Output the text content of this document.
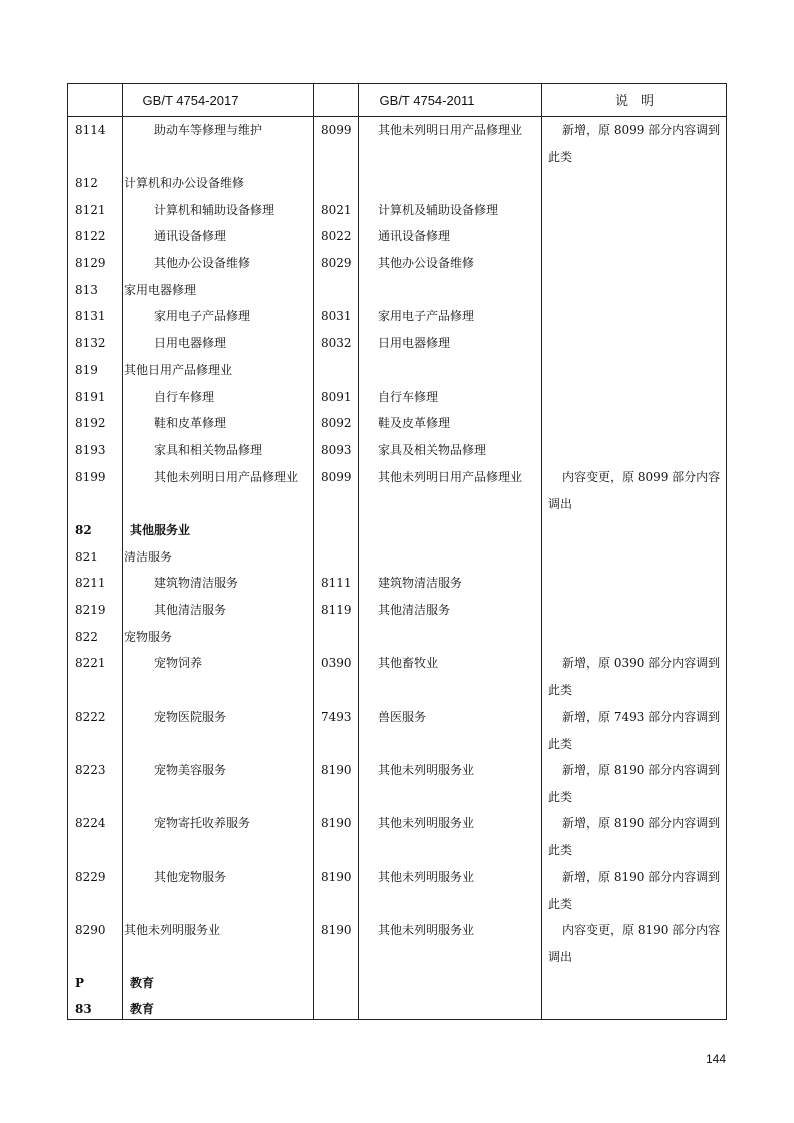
GB/T 4754-2017	GB/T 4754-2011	说　明
8114	助动车等修理与维护	8099 其他未列明日用产品修理业	新增，原 8099 部分内容调到此类
812 计算机和办公设备维修
8121	计算机和辅助设备修理	8021 计算机及辅助设备修理
8122	通讯设备修理	8022 通讯设备修理
8129	其他办公设备维修	8029 其他办公设备维修
813 家用电器修理
8131	家用电子产品修理	8031 家用电子产品修理
8132	日用电器修理	8032 日用电器修理
819 其他日用产品修理业
8191	自行车修理	8091 自行车修理
8192	鞋和皮革修理	8092 鞋及皮革修理
8193	家具和相关物品修理	8093 家具及相关物品修理
8199	其他未列明日用产品修理业 8099 其他未列明日用产品修理业	内容变更，原 8099 部分内容调出
82	其他服务业
821 清洁服务
8211	建筑物清洁服务	8111 建筑物清洁服务
8219	其他清洁服务	8119 其他清洁服务
822 宠物服务
8221	宠物饲养	0390 其他畜牧业	新增，原 0390 部分内容调到此类
8222	宠物医院服务	7493 兽医服务	新增，原 7493 部分内容调到此类
8223	宠物美容服务	8190 其他未列明服务业	新增，原 8190 部分内容调到此类
8224	宠物寄托收养服务	8190 其他未列明服务业	新增，原 8190 部分内容调到此类
8229	其他宠物服务	8190 其他未列明服务业	新增，原 8190 部分内容调到此类
8290 其他未列明服务业	8190 其他未列明服务业	内容变更，原 8190 部分内容调出
P	教育
83	教育
144
